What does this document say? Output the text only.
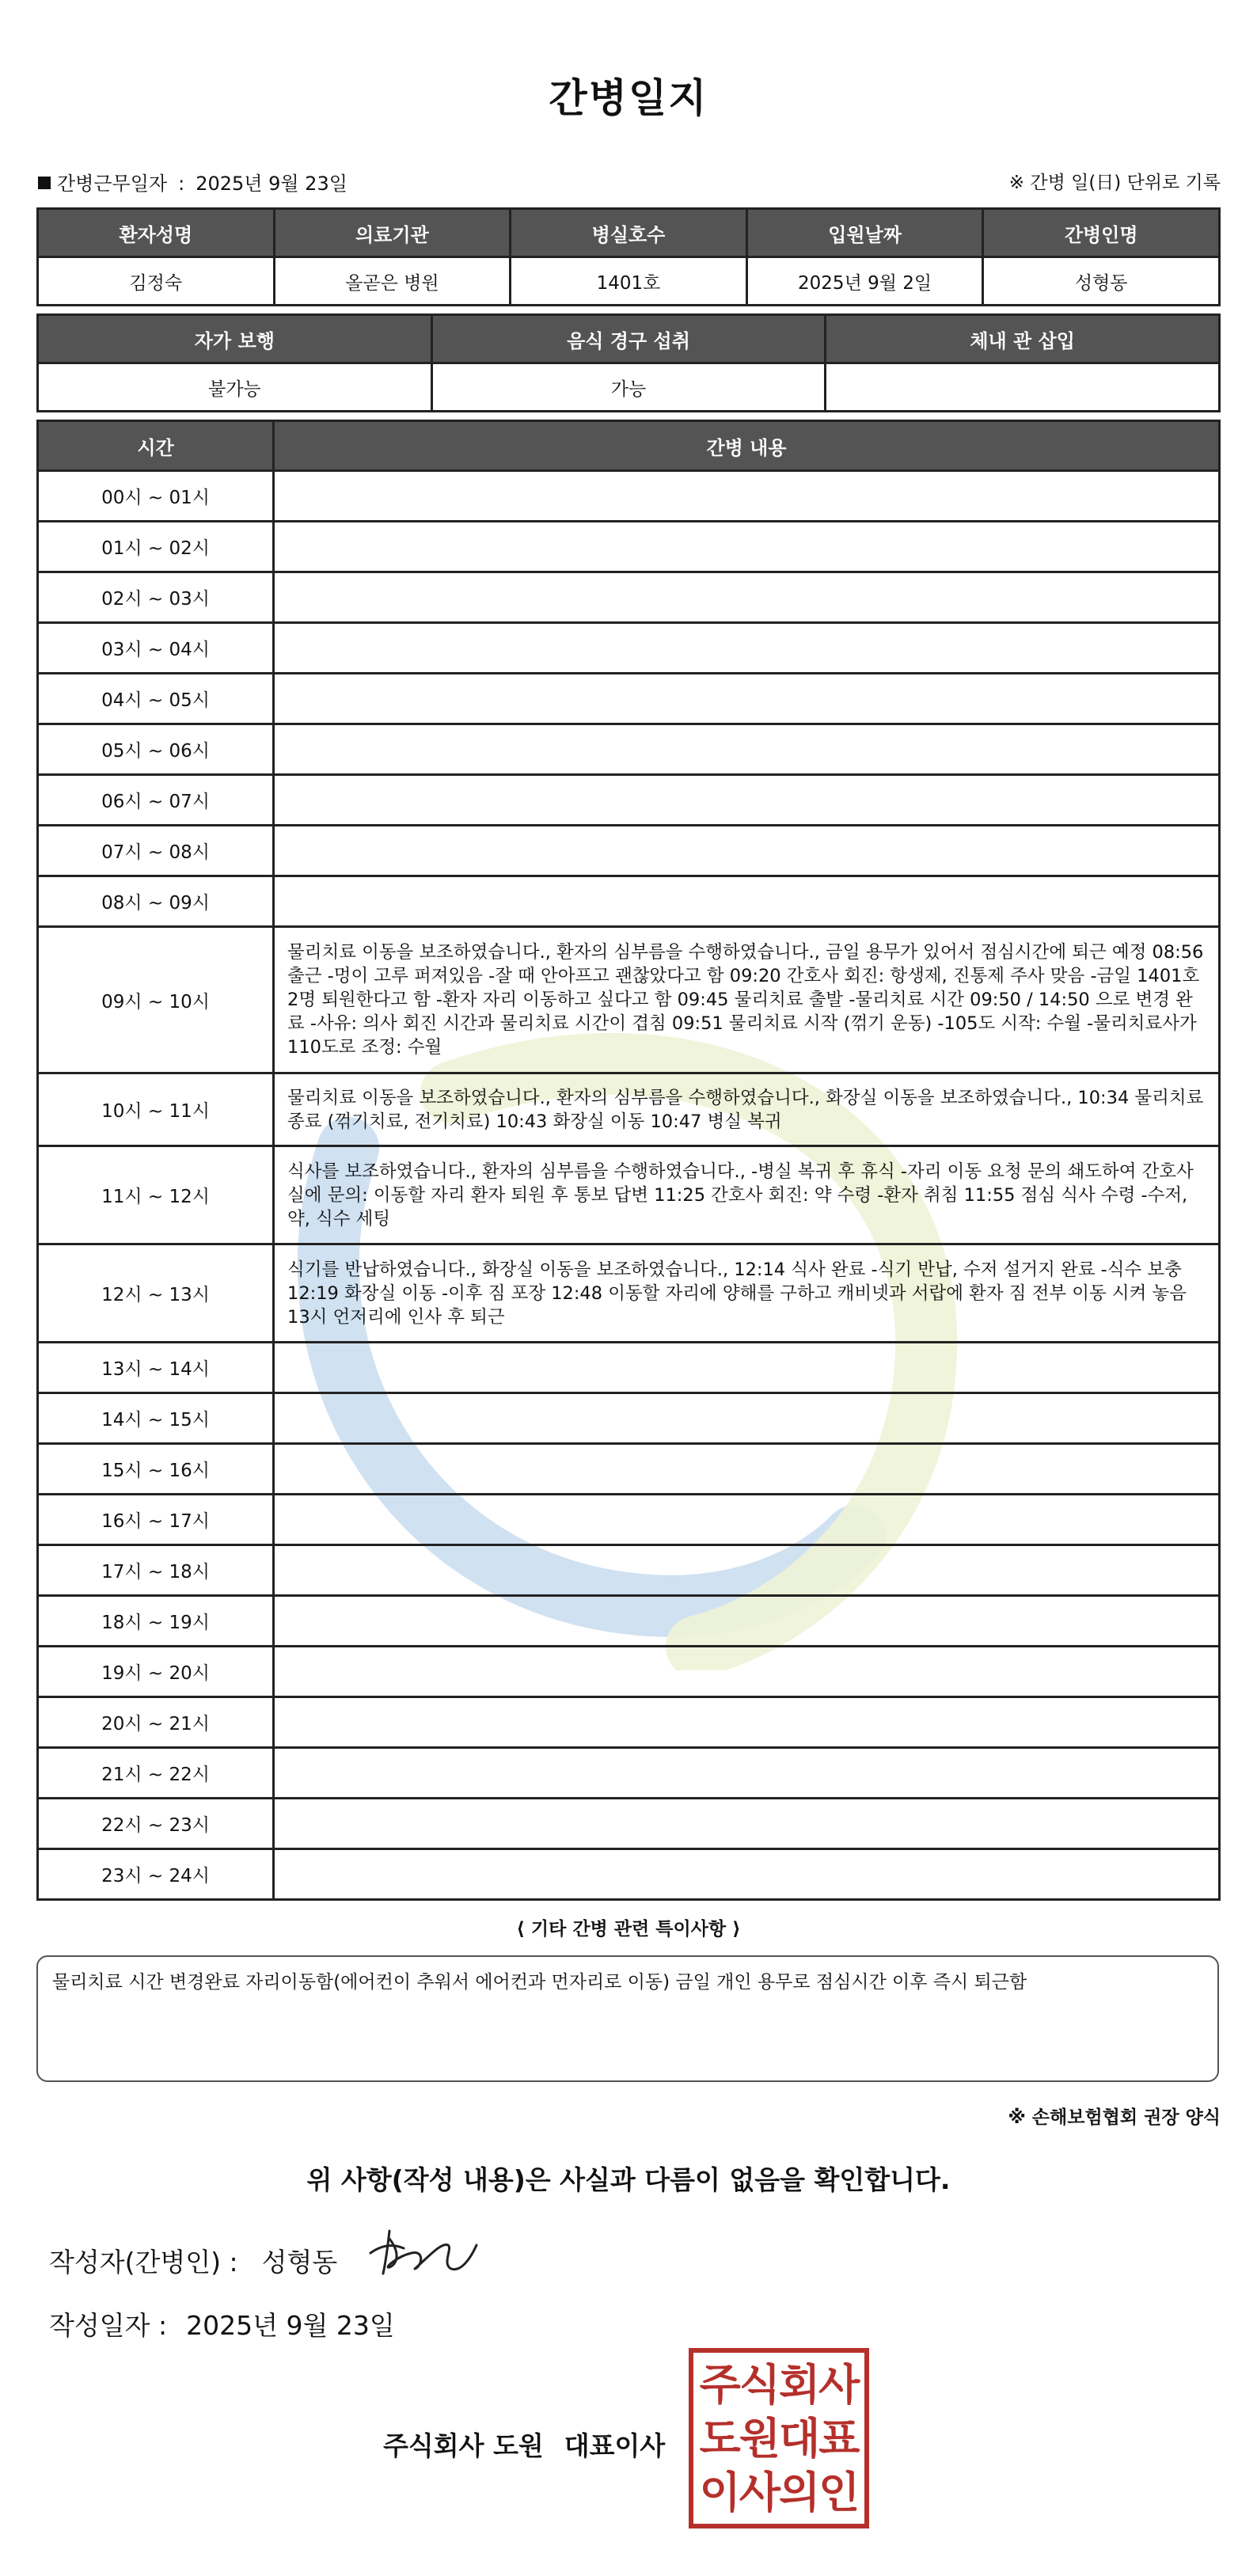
간병일지
간병근무일자 : 2025년 9월 23일	※ 간병 일(日) 단위로 기록
환자성명	의료기관	병실호수	입원날짜	간병인명
김정숙	올곧은 병원	1401호	2025년 9월 2일	성형동
자가 보행	음식 경구 섭취	체내 관 삽입
불가능	가능	
시간	간병 내용
00시 ~ 01시	
01시 ~ 02시	
02시 ~ 03시	
03시 ~ 04시	
04시 ~ 05시	
05시 ~ 06시	
06시 ~ 07시	
07시 ~ 08시	
08시 ~ 09시	
09시 ~ 10시	물리치료 이동을 보조하였습니다., 환자의 심부름을 수행하였습니다., 금일 용무가 있어서 점심시간에 퇴근 예정 08:56 출근 -멍이 고루 퍼져있음 -잘 때 안아프고 괜찮았다고 함 09:20 간호사 회진: 항생제, 진통제 주사 맞음 -금일 1401호 2명 퇴원한다고 함 -환자 자리 이동하고 싶다고 함 09:45 물리치료 출발 -물리치료 시간 09:50 / 14:50 으로 변경 완료 -사유: 의사 회진 시간과 물리치료 시간이 겹침 09:51 물리치료 시작 (꺾기 운동) -105도 시작: 수월 -물리치료사가 110도로 조정: 수월
10시 ~ 11시	물리치료 이동을 보조하였습니다., 환자의 심부름을 수행하였습니다., 화장실 이동을 보조하였습니다., 10:34 물리치료 종료 (꺾기치료, 전기치료) 10:43 화장실 이동 10:47 병실 복귀
11시 ~ 12시	식사를 보조하였습니다., 환자의 심부름을 수행하였습니다., -병실 복귀 후 휴식 -자리 이동 요청 문의 쇄도하여 간호사실에 문의: 이동할 자리 환자 퇴원 후 통보 답변 11:25 간호사 회진: 약 수령 -환자 취침 11:55 점심 식사 수령 -수저, 약, 식수 세팅
12시 ~ 13시	식기를 반납하였습니다., 화장실 이동을 보조하였습니다., 12:14 식사 완료 -식기 반납, 수저 설거지 완료 -식수 보충 12:19 화장실 이동 -이후 짐 포장 12:48 이동할 자리에 양해를 구하고 캐비넷과 서랍에 환자 짐 전부 이동 시켜 놓음 13시 언저리에 인사 후 퇴근
13시 ~ 14시	
14시 ~ 15시	
15시 ~ 16시	
16시 ~ 17시	
17시 ~ 18시	
18시 ~ 19시	
19시 ~ 20시	
20시 ~ 21시	
21시 ~ 22시	
22시 ~ 23시	
23시 ~ 24시	
⟨ 기타 간병 관련 특이사항 ⟩
물리치료 시간 변경완료 자리이동함(에어컨이 추워서 에어컨과 먼자리로 이동) 금일 개인 용무로 점심시간 이후 즉시 퇴근함
※ 손해보험협회 권장 양식
위 사항(작성 내용)은 사실과 다름이 없음을 확인합니다.
작성자(간병인) : 성형동
작성일자 : 2025년 9월 23일
주식회사 도원 대표이사
주식회사
도원대표
이사의인
